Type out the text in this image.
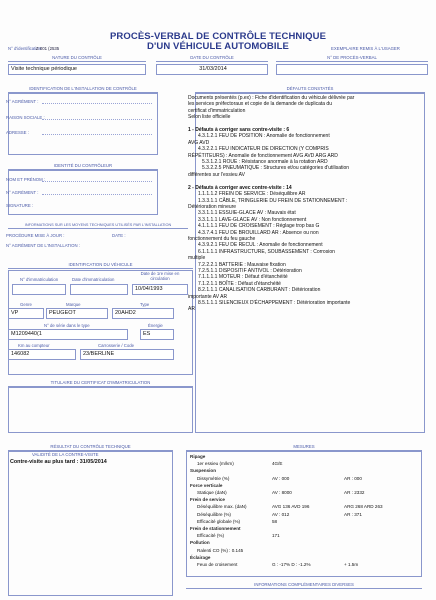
PROCÈS-VERBAL DE CONTRÔLE TECHNIQUE
D'UN VÉHICULE AUTOMOBILE
N° d'identification
Z 001 (2535	EXEMPLAIRE REMIS À L'USAGER
NATURE DU CONTRÔLE
Visite technique périodique
DATE DU CONTRÔLE
31/03/2014
N° DE PROCÈS-VERBAL
IDENTIFICATION DE L'INSTALLATION DE CONTRÔLE
N° AGRÉMENT :
RAISON SOCIALE :
ADRESSE :
IDENTITÉ DU CONTRÔLEUR
NOM ET PRÉNOM :
N° AGRÉMENT :
SIGNATURE :
INFORMATIONS SUR LES MOYENS TECHNIQUES UTILISÉS PAR L'INSTALLATION
PROCÉDURE MISE À JOUR :	DATE :
N° AGRÉMENT DE L'INSTALLATION :
IDENTIFICATION DU VÉHICULE
N° d'immatriculation	Date d'immatriculation
Date de 1re mise en circulation
10/04/1993
Genre	Marque	Type
VP	PEUGEOT	20AHD2
N° de série dans le type	Énergie
M1209440(1	ES
Km au compteur	Carrosserie / Code
146082	23/BERLINE
TITULAIRE DU CERTIFICAT D'IMMATRICULATION
RÉSULTAT DU CONTRÔLE TECHNIQUE
VALIDITÉ DE LA CONTRE-VISITE
Contre-visite au plus tard : 31/05/2014
DÉFAUTS CONSTATÉS
Documents présentés (p.ex) : Fiche d'identification du véhicule délivrée par
les services préfectoraux et copie de la demande de duplicata du
certificat d'immatriculation
Selon liste officielle

1 - Défauts à corriger sans contre-visite : 6
4.3.1.2.1 FEU DE POSITION : Anomalie de fonctionnement
AVG AVD
4.3.2.2.1 FEU INDICATEUR DE DIRECTION (Y COMPRIS
RÉPÉTITEURS) : Anomalie de fonctionnement AVG AVD ARG ARD
5.3.1.2.1 ROUE : Résistance anormale à la rotation ARD
5.3.2.2.5 PNEUMATIQUE : Structures et/ou catégories d'utilisation
différentes sur l'essieu AV

2 - Défauts à corriger avec contre-visite : 14
1.1.1.1.2 FREIN DE SERVICE : Déséquilibre AR
1.3.3.1.1 CÂBLE, TRINGLERIE DU FREIN DE STATIONNEMENT :
Détérioration mineure
3.3.1.1.1 ESSUIE-GLACE AV : Mauvais état
3.3.1.1.1 LAVE-GLACE AV : Non fonctionnement
4.1.1.1.1 FEU DE CROISEMENT : Réglage trop bas G
4.3.7.4.1 FEU DE BROUILLARD AR : Absence ou non
fonctionnement du feu gauche
4.3.9.2.1 FEU DE RECUL : Anomalie de fonctionnement
6.1.1.1.1 INFRASTRUCTURE, SOUBASSEMENT : Corrosion
multiple
7.2.2.2.1 BATTERIE : Mauvaise fixation
7.2.5.1.1 DISPOSITIF ANTIVOL : Détérioration
7.1.1.1.1 MOTEUR : Défaut d'étanchéité
7.1.2.1.1 BOÎTE : Défaut d'étanchéité
8.2.1.1.1 CANALISATION CARBURANT : Détérioration
importante AV AR
8.5.1.1.1 SILENCIEUX D'ÉCHAPPEMENT : Détérioration importante
AR
MESURES
Ripage
1er essieu (m/km)	4G/E
Suspension
Dissymétrie (%)	AV : 000	AR : 000
Force verticale
Statique (daN)	AV : 8000	AR : 2332
Frein de service
Déséquilibre max. (daN)	AVG 136 AVD 196	ARG 268 ARD 263
Déséquilibre (%)	AV : 012	AR : 371
Efficacité globale (%)	58
Frein de stationnement
Efficacité (%)	171
Pollution
Ralenti CO (%) : 0.145
Éclairage
Feux de croisement	G : -17% D : -1.2%	+ 1.5m
INFORMATIONS COMPLÉMENTAIRES DIVERSES
